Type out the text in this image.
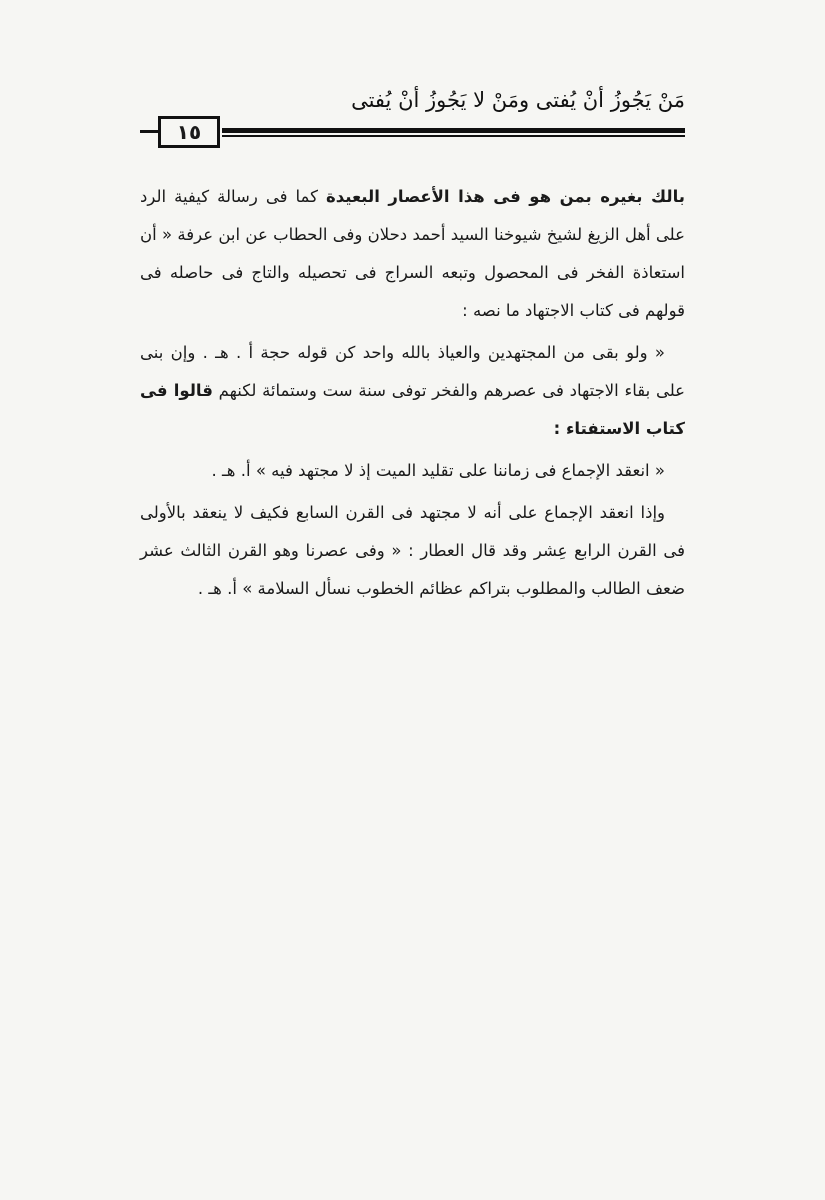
مَنْ يَجُوزُ أنْ يُفتى ومَنْ لا يَجُوزُ أنْ يُفتى
١٥

بالك بغيره بمن هو فى هذا الأعصار البعيدة كما فى رسالة كيفية الرد على أهل الزيغ لشيخ شيوخنا السيد أحمد دحلان وفى الحطاب عن ابن عرفة « أن استعاذة الفخر فى المحصول وتبعه السراج فى تحصيله والتاج فى حاصله فى قولهم فى كتاب الاجتهاد ما نصه :

« ولو بقى من المجتهدين والعياذ بالله واحد كن قوله حجة أ . هـ . وإن بنى على بقاء الاجتهاد فى عصرهم والفخر توفى سنة ست وستمائة لكنهم قالوا فى كتاب الاستفتاء :

« انعقد الإجماع فى زماننا على تقليد الميت إذ لا مجتهد فيه » أ. هـ .

وإذا انعقد الإجماع على أنه لا مجتهد فى القرن السابع فكيف لا ينعقد بالأولى فى القرن الرابع عِشر وقد قال العطار : « وفى عصرنا وهو القرن الثالث عشر ضعف الطالب والمطلوب بتراكم عظائم الخطوب نسأل السلامة » أ. هـ .
